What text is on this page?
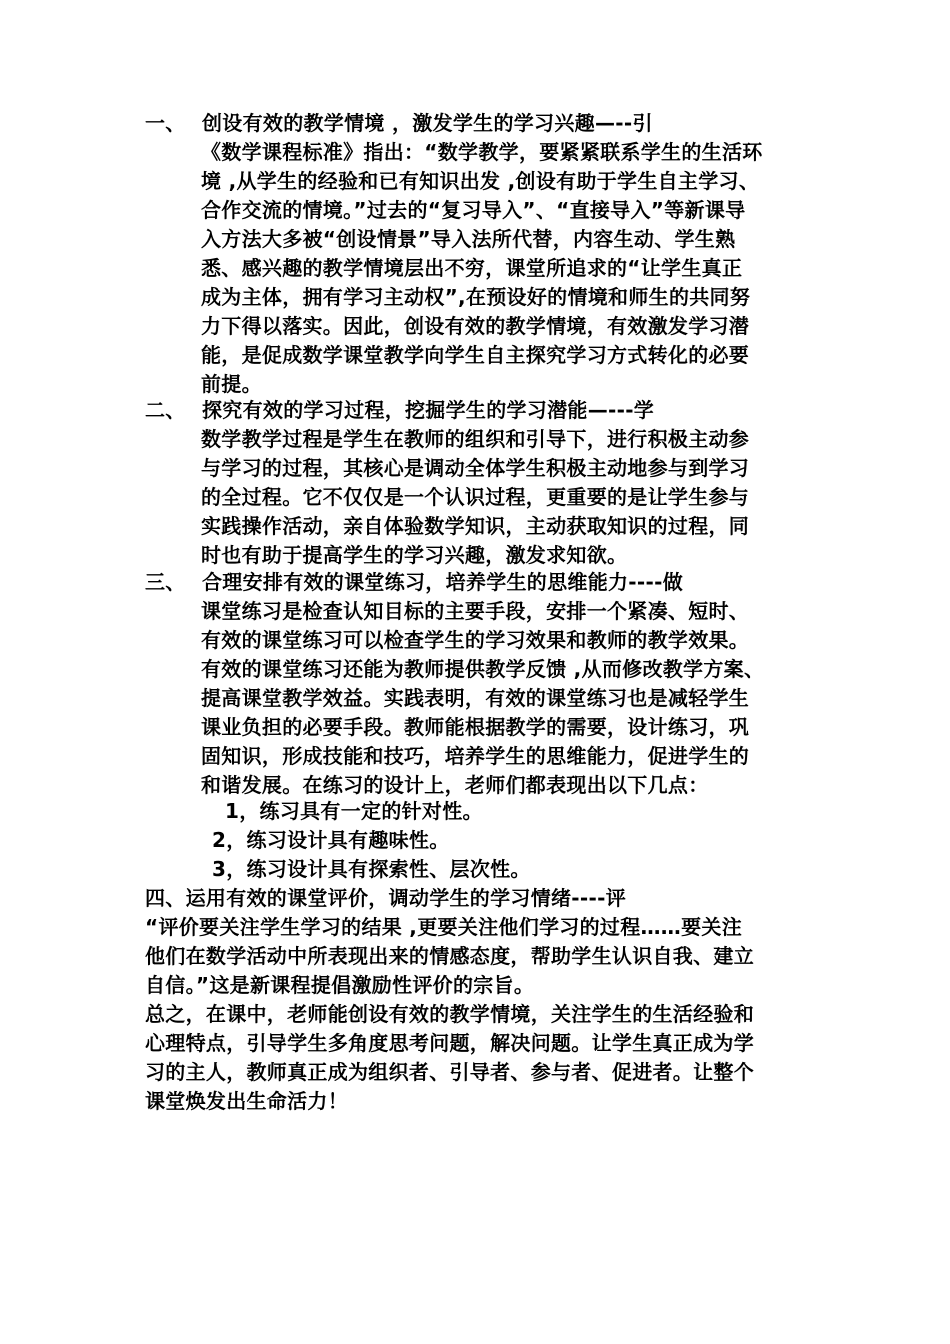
一、 创设有效的教学情境 ，激发学生的学习兴趣—--引
《数学课程标准》指出：“数学教学，要紧紧联系学生的生活环
境 ,从学生的经验和已有知识出发 ,创设有助于学生自主学习、
合作交流的情境。”过去的“复习导入”、“直接导入”等新课导
入方法大多被“创设情景”导入法所代替，内容生动、学生熟
悉、感兴趣的教学情境层出不穷，课堂所追求的“让学生真正
成为主体，拥有学习主动权”,在预设好的情境和师生的共同努
力下得以落实。因此，创设有效的教学情境，有效激发学习潜
能，是促成数学课堂教学向学生自主探究学习方式转化的必要
前提。
二、 探究有效的学习过程，挖掘学生的学习潜能—---学
数学教学过程是学生在教师的组织和引导下，进行积极主动参
与学习的过程，其核心是调动全体学生积极主动地参与到学习
的全过程。它不仅仅是一个认识过程，更重要的是让学生参与
实践操作活动，亲自体验数学知识，主动获取知识的过程，同
时也有助于提高学生的学习兴趣，激发求知欲。
三、 合理安排有效的课堂练习，培养学生的思维能力----做
课堂练习是检查认知目标的主要手段，安排一个紧凑、短时、
有效的课堂练习可以检查学生的学习效果和教师的教学效果。
有效的课堂练习还能为教师提供教学反馈 ,从而修改教学方案、
提高课堂教学效益。实践表明，有效的课堂练习也是减轻学生
课业负担的必要手段。教师能根据教学的需要，设计练习，巩
固知识，形成技能和技巧，培养学生的思维能力，促进学生的
和谐发展。在练习的设计上，老师们都表现出以下几点：
1，练习具有一定的针对性。
2，练习设计具有趣味性。
3，练习设计具有探索性、层次性。
四、运用有效的课堂评价，调动学生的学习情绪----评
“评价要关注学生学习的结果 ,更要关注他们学习的过程……要关注
他们在数学活动中所表现出来的情感态度，帮助学生认识自我、建立
自信。”这是新课程提倡激励性评价的宗旨。
总之，在课中，老师能创设有效的教学情境，关注学生的生活经验和
心理特点，引导学生多角度思考问题，解决问题。让学生真正成为学
习的主人，教师真正成为组织者、引导者、参与者、促进者。让整个
课堂焕发出生命活力！
